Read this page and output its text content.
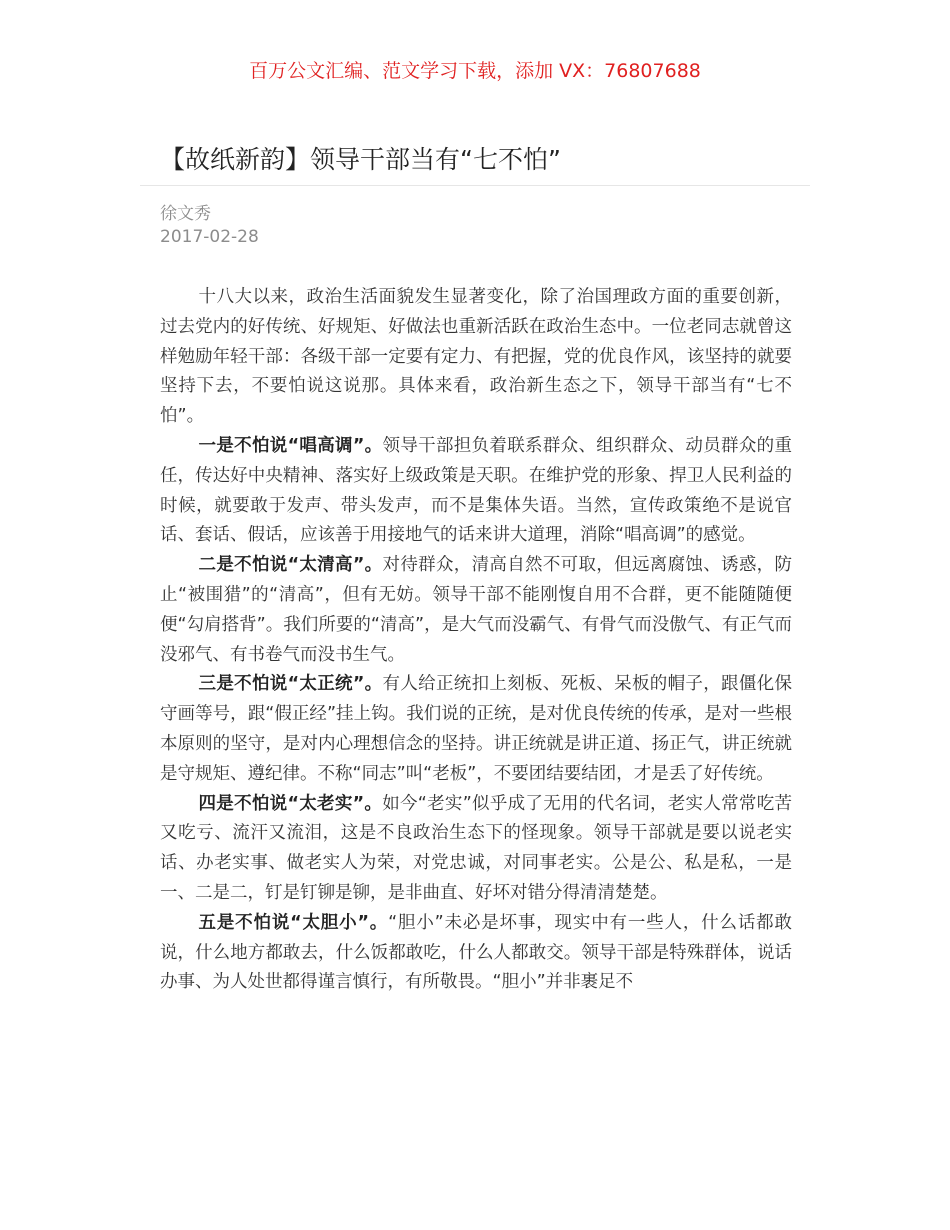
百万公文汇编、范文学习下载，添加 VX：76807688
【故纸新韵】领导干部当有“七不怕”
徐文秀
2017-02-28

十八大以来，政治生活面貌发生显著变化，除了治国理政方面的重要创新，过去党内的好传统、好规矩、好做法也重新活跃在政治生态中。一位老同志就曾这样勉励年轻干部：各级干部一定要有定力、有把握，党的优良作风，该坚持的就要坚持下去，不要怕说这说那。具体来看，政治新生态之下，领导干部当有“七不怕”。

一是不怕说“唱高调”。领导干部担负着联系群众、组织群众、动员群众的重任，传达好中央精神、落实好上级政策是天职。在维护党的形象、捍卫人民利益的时候，就要敢于发声、带头发声，而不是集体失语。当然，宣传政策绝不是说官话、套话、假话，应该善于用接地气的话来讲大道理，消除“唱高调”的感觉。

二是不怕说“太清高”。对待群众，清高自然不可取，但远离腐蚀、诱惑，防止“被围猎”的“清高”，但有无妨。领导干部不能刚愎自用不合群，更不能随随便便“勾肩搭背”。我们所要的“清高”，是大气而没霸气、有骨气而没傲气、有正气而没邪气、有书卷气而没书生气。

三是不怕说“太正统”。有人给正统扣上刻板、死板、呆板的帽子，跟僵化保守画等号，跟“假正经”挂上钩。我们说的正统，是对优良传统的传承，是对一些根本原则的坚守，是对内心理想信念的坚持。讲正统就是讲正道、扬正气，讲正统就是守规矩、遵纪律。不称“同志”叫“老板”，不要团结要结团，才是丢了好传统。

四是不怕说“太老实”。如今“老实”似乎成了无用的代名词，老实人常常吃苦又吃亏、流汗又流泪，这是不良政治生态下的怪现象。领导干部就是要以说老实话、办老实事、做老实人为荣，对党忠诚，对同事老实。公是公、私是私，一是一、二是二，钉是钉铆是铆，是非曲直、好坏对错分得清清楚楚。

五是不怕说“太胆小”。“胆小”未必是坏事，现实中有一些人，什么话都敢说，什么地方都敢去，什么饭都敢吃，什么人都敢交。领导干部是特殊群体，说话办事、为人处世都得谨言慎行，有所敬畏。“胆小”并非裹足不
